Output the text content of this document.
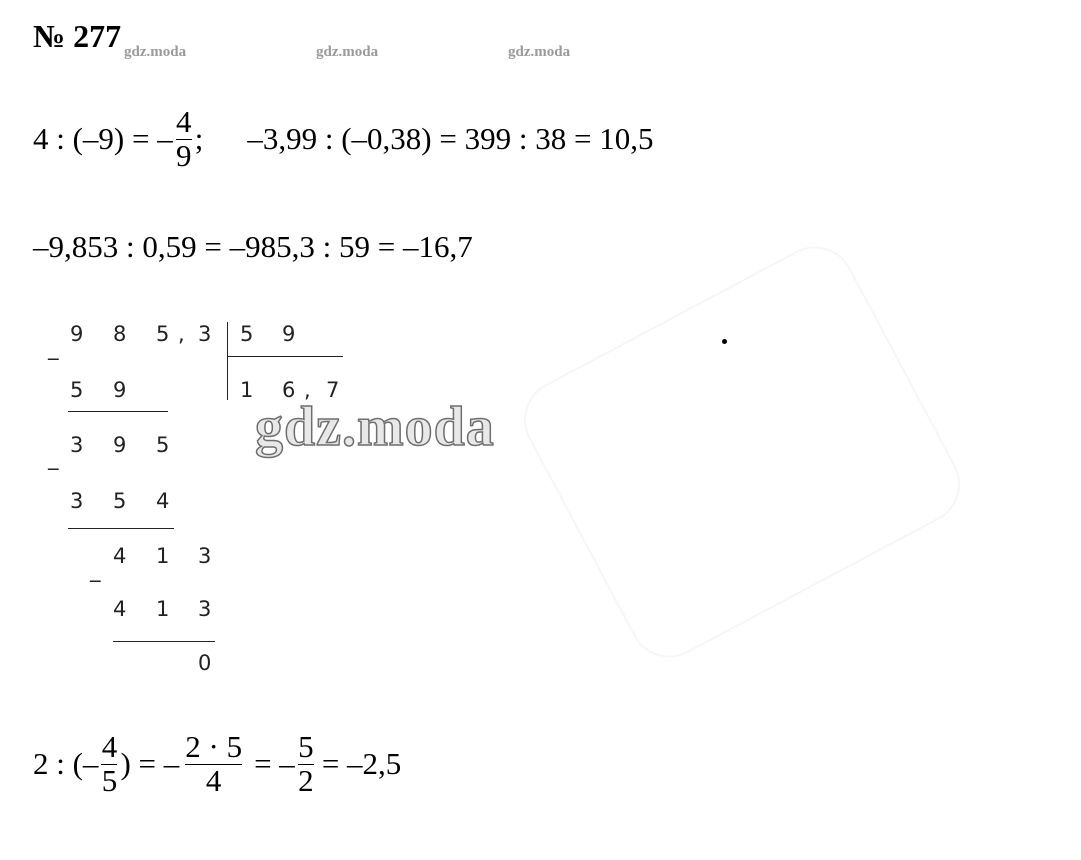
№ 277 gdz.moda	gdz.moda	gdz.moda
4 : (–9) = – $\frac{4}{9}$ ; –3,99 : (–0,38) = 399 : 38 = 10,5
–9,853 : 0,59 = –985,3 : 59 = –16,7
9 8 5 , 3
_
5 9
1 6 , 7
5 9
3 9 5
_
3 5 4
4 1 3
_
4 1 3
0
gdz.moda
2 : (– $\frac{4}{5}$ ) = – $\frac{2 \cdot 5}{4}$ = – $\frac{5}{2} = -2,5$
